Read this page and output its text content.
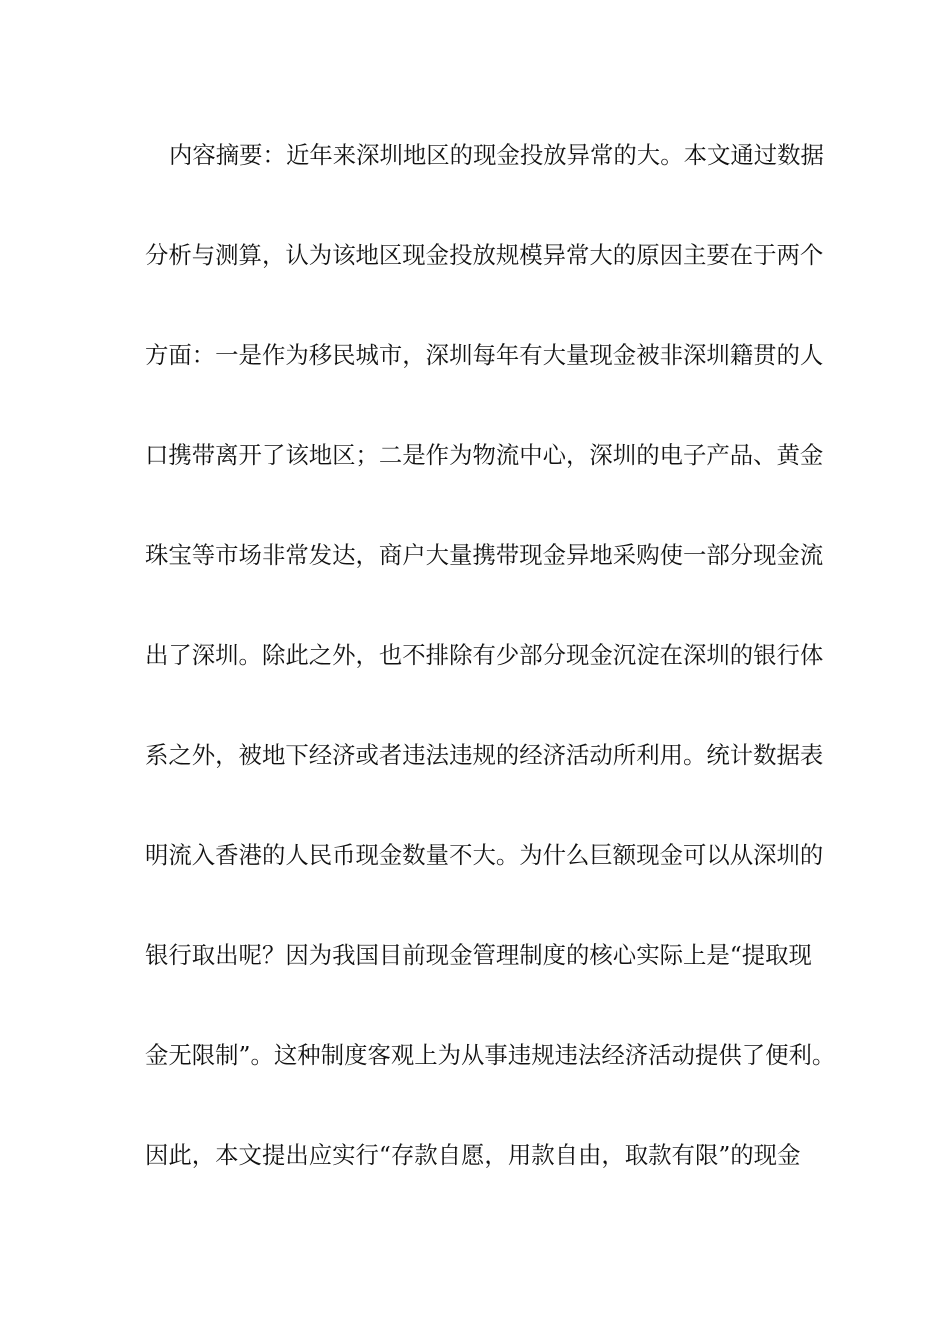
内容摘要：近年来深圳地区的现金投放异常的大。本文通过数据
分析与测算，认为该地区现金投放规模异常大的原因主要在于两个
方面：一是作为移民城市，深圳每年有大量现金被非深圳籍贯的人
口携带离开了该地区；二是作为物流中心，深圳的电子产品、黄金
珠宝等市场非常发达，商户大量携带现金异地采购使一部分现金流
出了深圳。除此之外，也不排除有少部分现金沉淀在深圳的银行体
系之外，被地下经济或者违法违规的经济活动所利用。统计数据表
明流入香港的人民币现金数量不大。为什么巨额现金可以从深圳的
银行取出呢？因为我国目前现金管理制度的核心实际上是“提取现
金无限制”。这种制度客观上为从事违规违法经济活动提供了便利。
因此，本文提出应实行“存款自愿，用款自由，取款有限”的现金
